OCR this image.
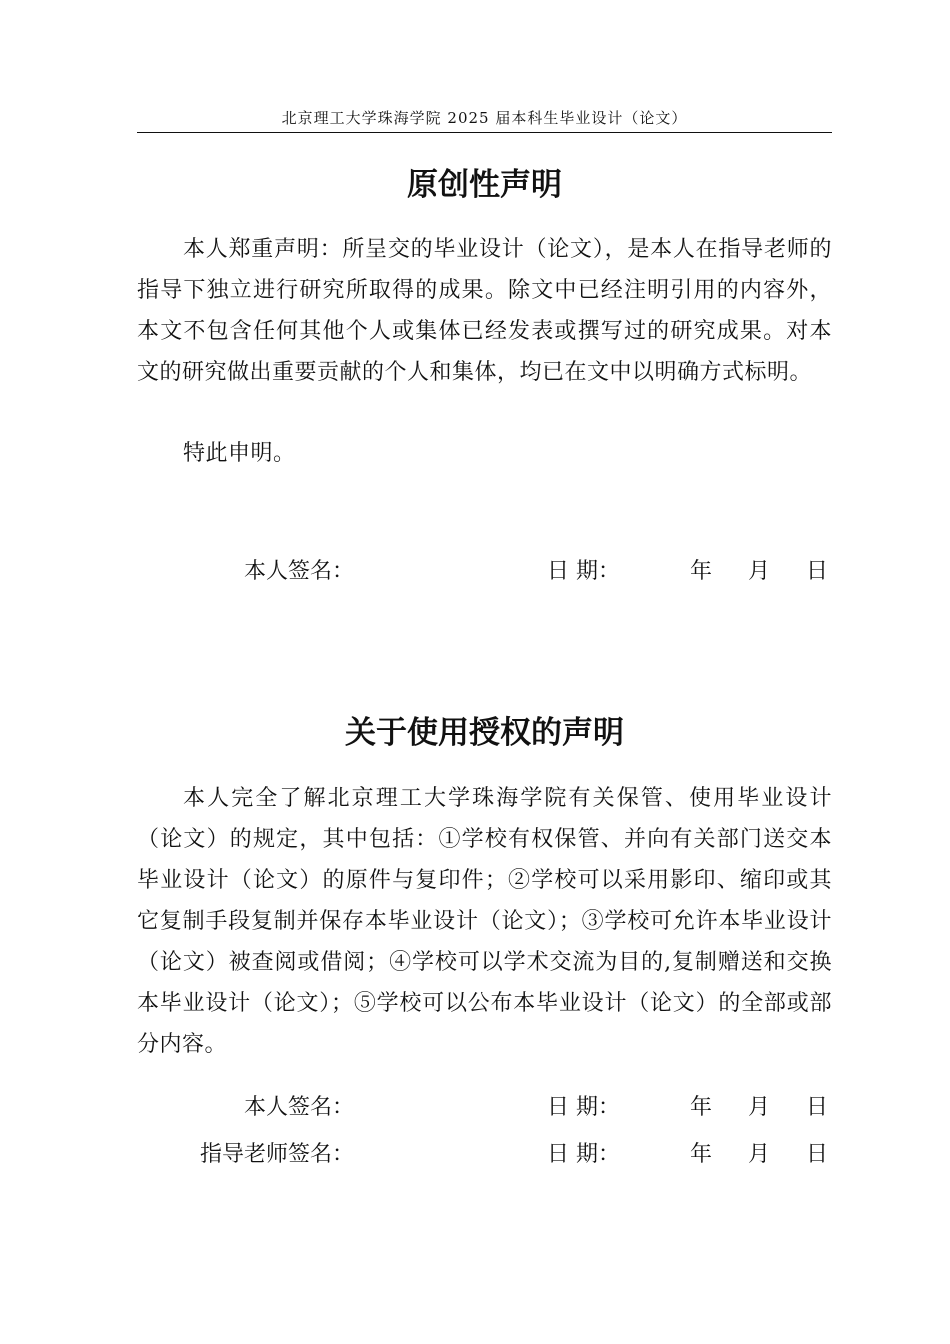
北京理工大学珠海学院 2025 届本科生毕业设计（论文）
原创性声明

本人郑重声明：所呈交的毕业设计（论文），是本人在指导老师的指导下独立进行研究所取得的成果。除文中已经注明引用的内容外，本文不包含任何其他个人或集体已经发表或撰写过的研究成果。对本文的研究做出重要贡献的个人和集体，均已在文中以明确方式标明。

特此申明。

本人签名：	日 期：	年 月 日
关于使用授权的声明

本人完全了解北京理工大学珠海学院有关保管、使用毕业设计（论文）的规定，其中包括：①学校有权保管、并向有关部门送交本毕业设计（论文）的原件与复印件；②学校可以采用影印、缩印或其它复制手段复制并保存本毕业设计（论文）；③学校可允许本毕业设计（论文）被查阅或借阅；④学校可以学术交流为目的,复制赠送和交换本毕业设计（论文）；⑤学校可以公布本毕业设计（论文）的全部或部分内容。

本人签名：	日 期：	年 月 日
指导老师签名：	日 期：	年 月 日
